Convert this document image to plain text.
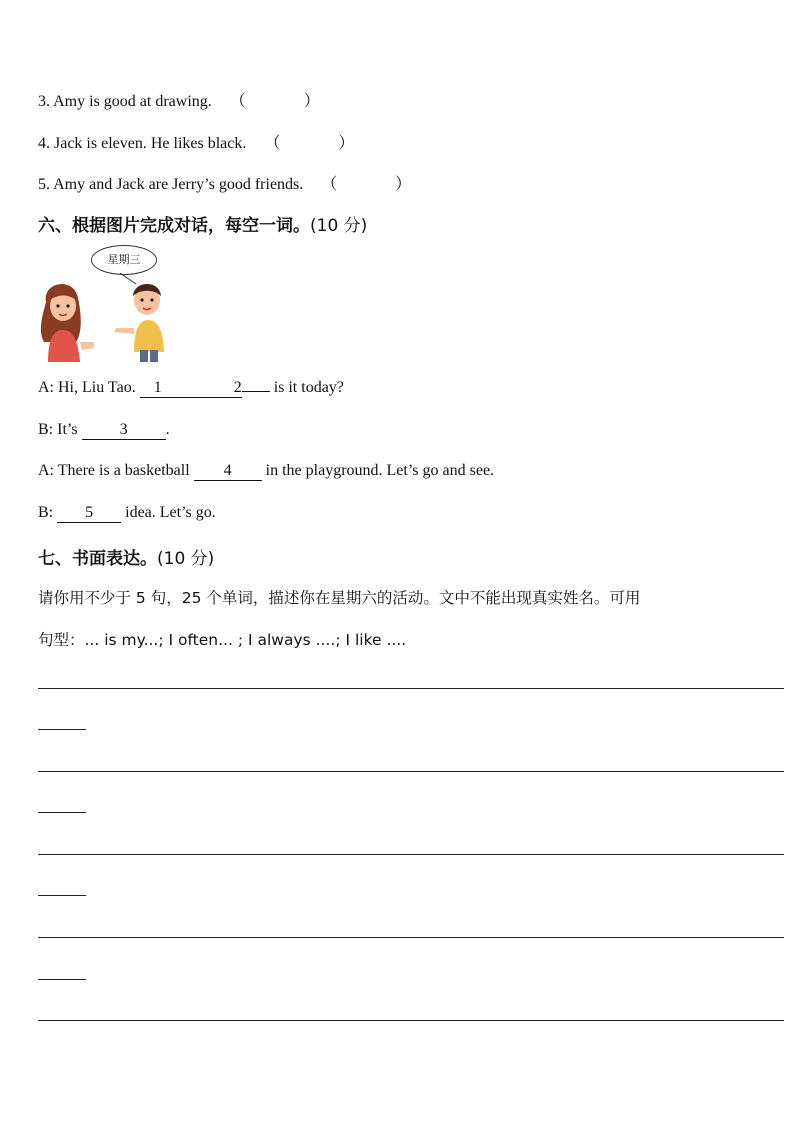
3. Amy is good at drawing. （	）
4. Jack is eleven. He likes black. （	）
5. Amy and Jack are Jerry’s good friends. （	）
六、根据图片完成对话，每空一词。(10 分)
星期三
A: Hi, Liu Tao. 1	2 is it today?
B: It’s 3 .
A: There is a basketball 4 in the playground. Let’s go and see.
B: 5 idea. Let’s go.
七、书面表达。(10 分)
请你用不少于 5 句，25 个单词，描述你在星期六的活动。文中不能出现真实姓名。可用
句型：... is my...; I often... ; I always ....; I like ....
